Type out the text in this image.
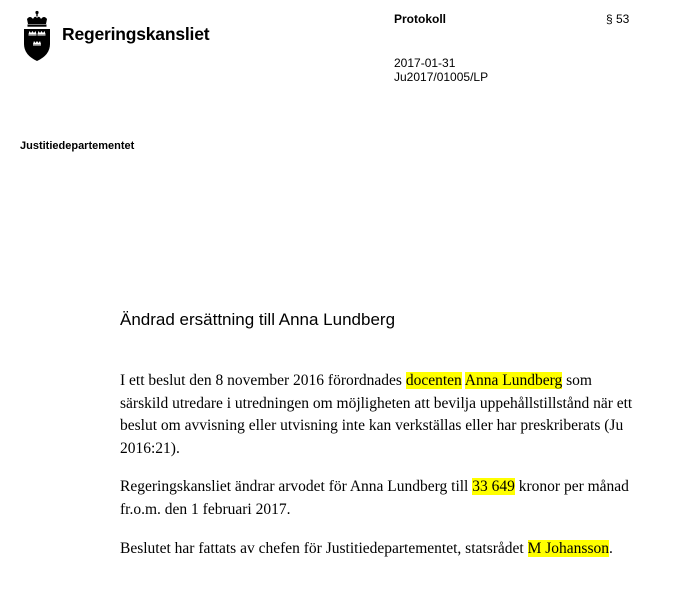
Regeringskansliet
Protokoll	§ 53
2017-01-31
Ju2017/01005/LP
Justitiedepartementet
Ändrad ersättning till Anna Lundberg
I ett beslut den 8 november 2016 förordnades docenten Anna Lundberg som särskild utredare i utredningen om möjligheten att bevilja uppehållstillstånd när ett beslut om avvisning eller utvisning inte kan verkställas eller har preskriberats (Ju 2016:21).
Regeringskansliet ändrar arvodet för Anna Lundberg till 33 649 kronor per månad fr.o.m. den 1 februari 2017.
Beslutet har fattats av chefen för Justitiedepartementet, statsrådet M Johansson.
